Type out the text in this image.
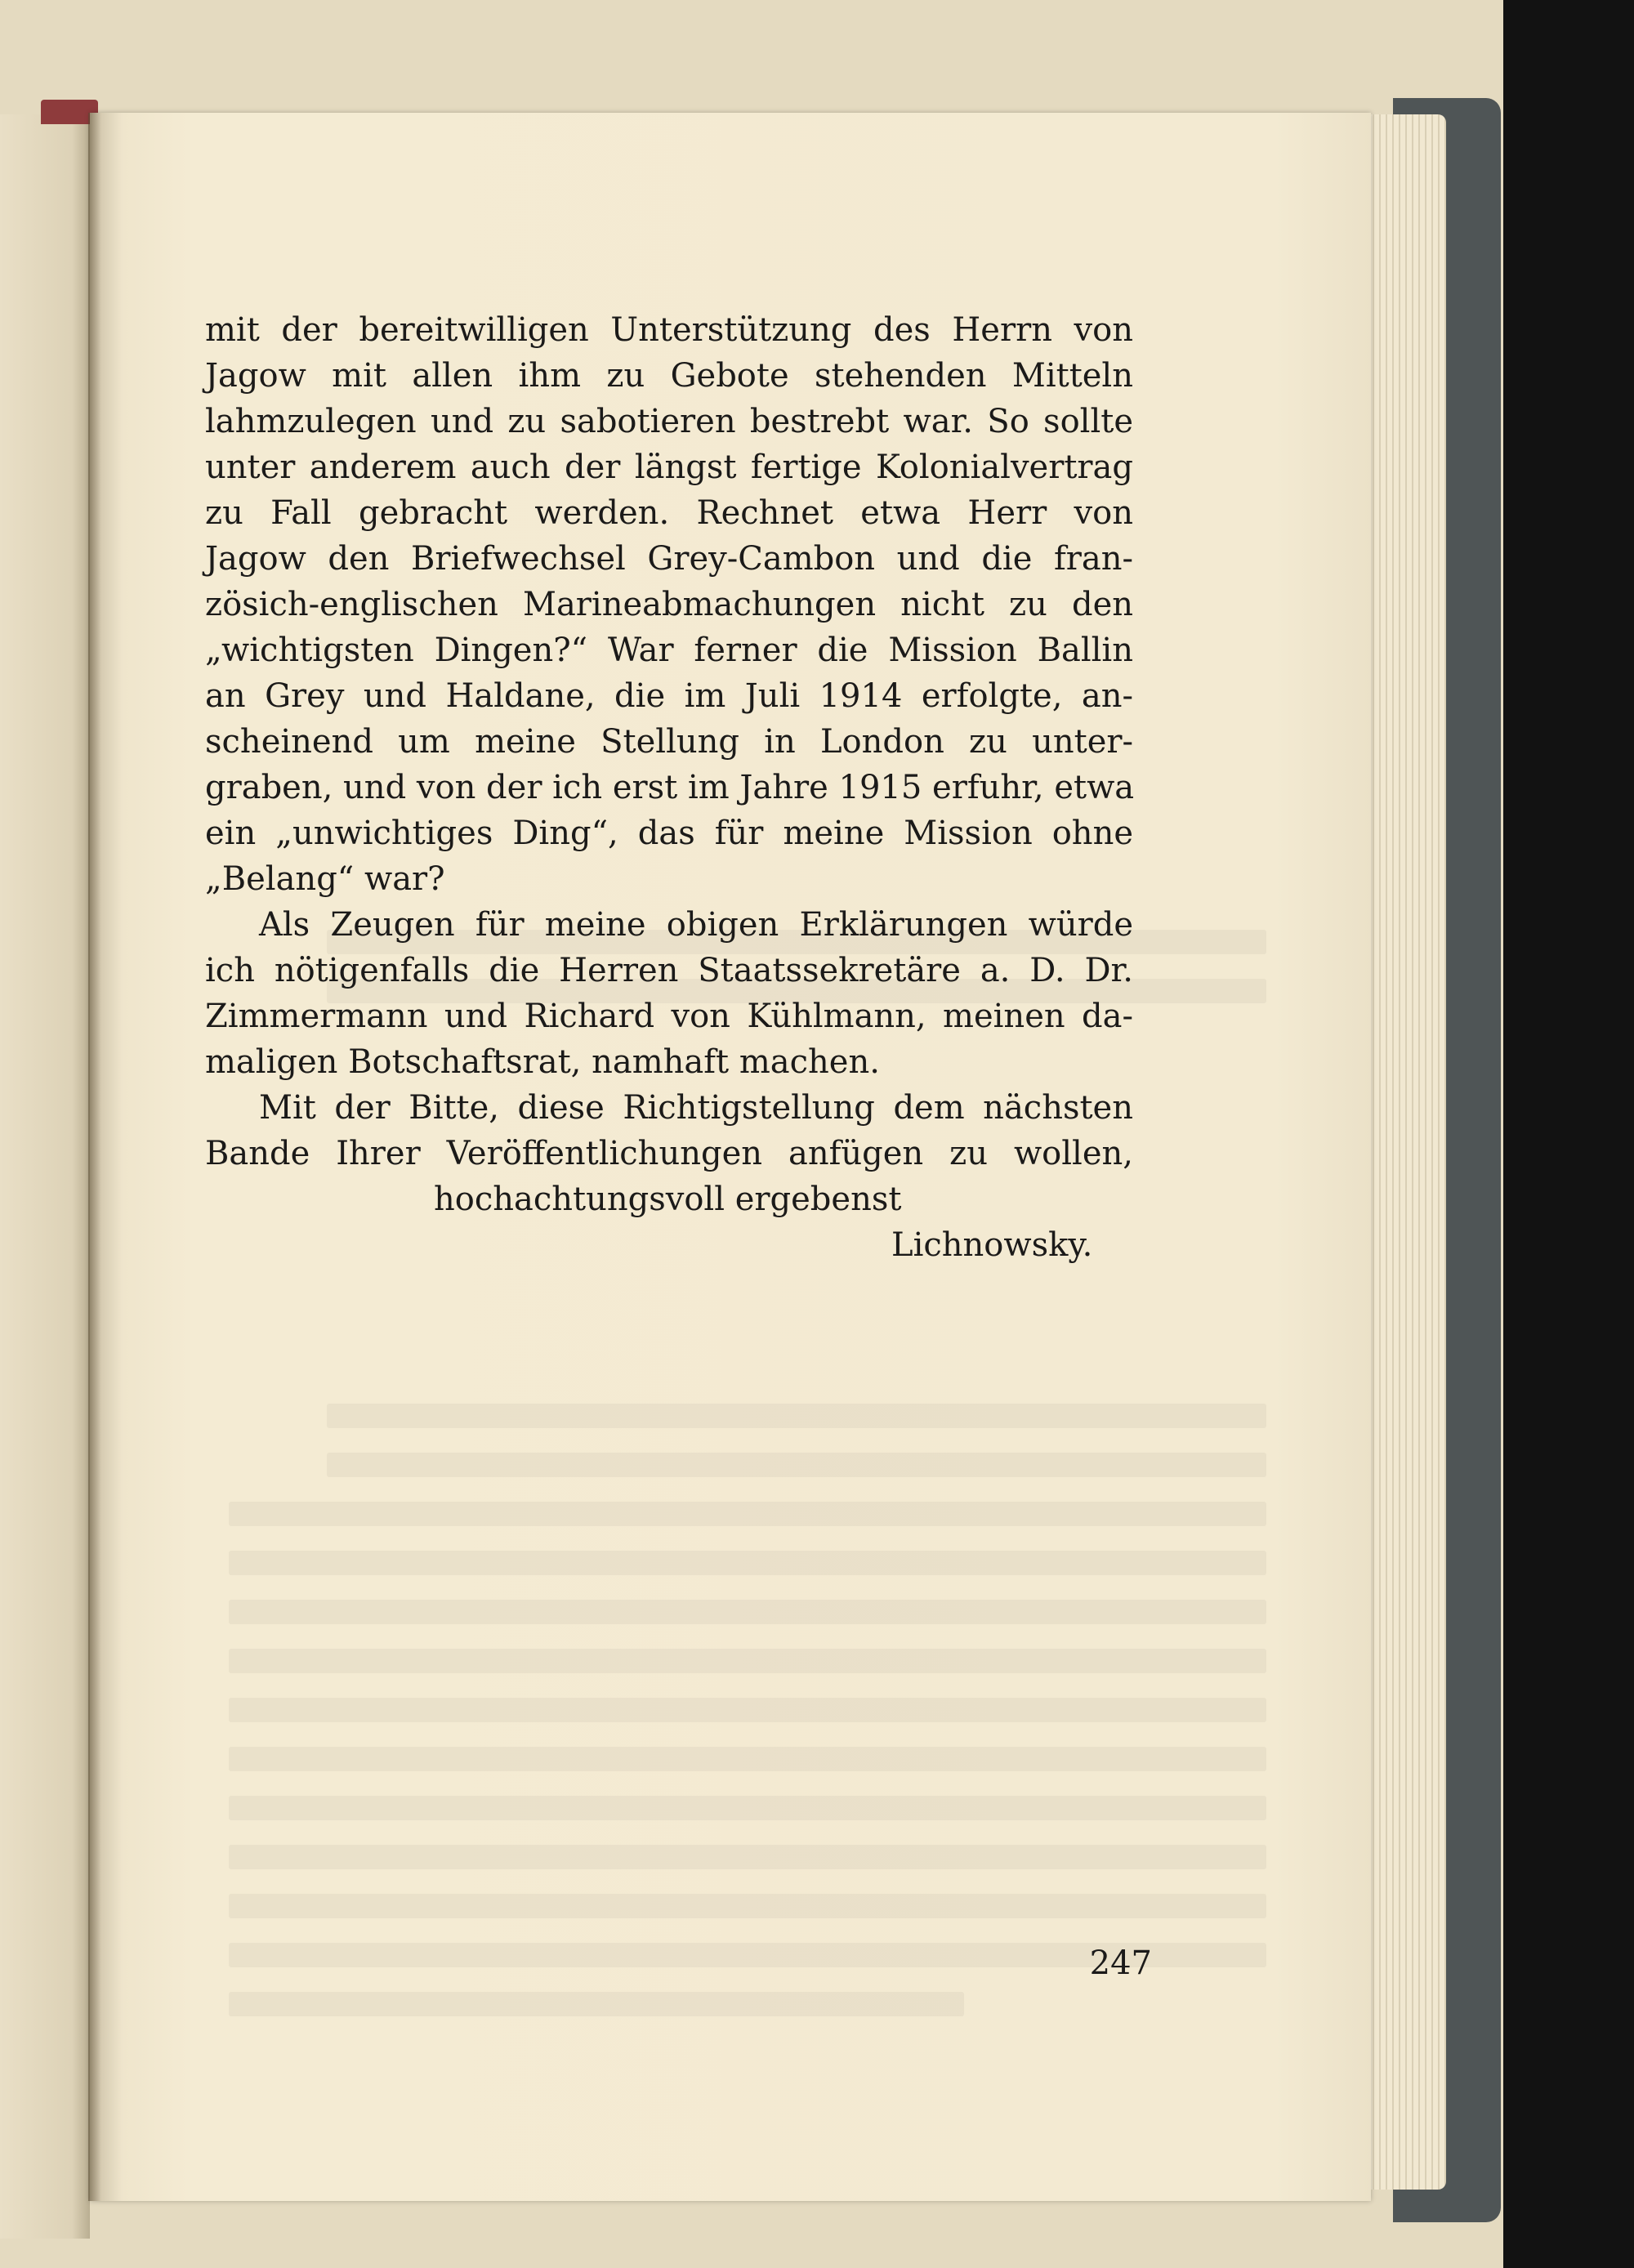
mit der bereitwilligen Unterstützung des Herrn von
Jagow mit allen ihm zu Gebote stehenden Mitteln
lahmzulegen und zu sabotieren bestrebt war. So sollte
unter anderem auch der längst fertige Kolonialvertrag
zu Fall gebracht werden. Rechnet etwa Herr von
Jagow den Briefwechsel Grey-Cambon und die fran-
zösich-englischen Marineabmachungen nicht zu den
„wichtigsten Dingen?“ War ferner die Mission Ballin
an Grey und Haldane, die im Juli 1914 erfolgte, an-
scheinend um meine Stellung in London zu unter-
graben, und von der ich erst im Jahre 1915 erfuhr, etwa
ein „unwichtiges Ding“, das für meine Mission ohne
„Belang“ war?
Als Zeugen für meine obigen Erklärungen würde
ich nötigenfalls die Herren Staatssekretäre a. D. Dr.
Zimmermann und Richard von Kühlmann, meinen da-
maligen Botschaftsrat, namhaft machen.
Mit der Bitte, diese Richtigstellung dem nächsten
Bande Ihrer Veröffentlichungen anfügen zu wollen,
hochachtungsvoll ergebenst
Lichnowsky.
247
